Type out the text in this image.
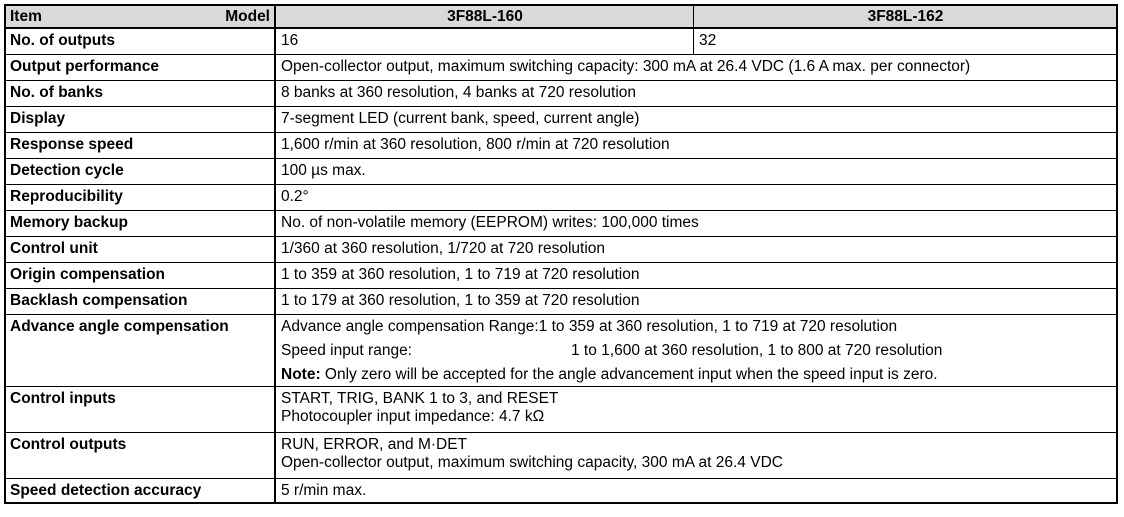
Item	Model	3F88L-160	3F88L-162
No. of outputs	16	32
Output performance	Open-collector output, maximum switching capacity: 300 mA at 26.4 VDC (1.6 A max. per connector)
No. of banks	8 banks at 360 resolution, 4 banks at 720 resolution
Display	7-segment LED (current bank, speed, current angle)
Response speed	1,600 r/min at 360 resolution, 800 r/min at 720 resolution
Detection cycle	100 µs max.
Reproducibility	0.2°
Memory backup	No. of non-volatile memory (EEPROM) writes: 100,000 times
Control unit	1/360 at 360 resolution, 1/720 at 720 resolution
Origin compensation	1 to 359 at 360 resolution, 1 to 719 at 720 resolution
Backlash compensation	1 to 179 at 360 resolution, 1 to 359 at 720 resolution
Advance angle compensation	Advance angle compensation Range: 1 to 359 at 360 resolution, 1 to 719 at 720 resolution
Speed input range:	1 to 1,600 at 360 resolution, 1 to 800 at 720 resolution
Note: Only zero will be accepted for the angle advancement input when the speed input is zero.
Control inputs	START, TRIG, BANK 1 to 3, and RESET
Photocoupler input impedance: 4.7 kΩ
Control outputs	RUN, ERROR, and M·DET
Open-collector output, maximum switching capacity, 300 mA at 26.4 VDC
Speed detection accuracy	5 r/min max.
